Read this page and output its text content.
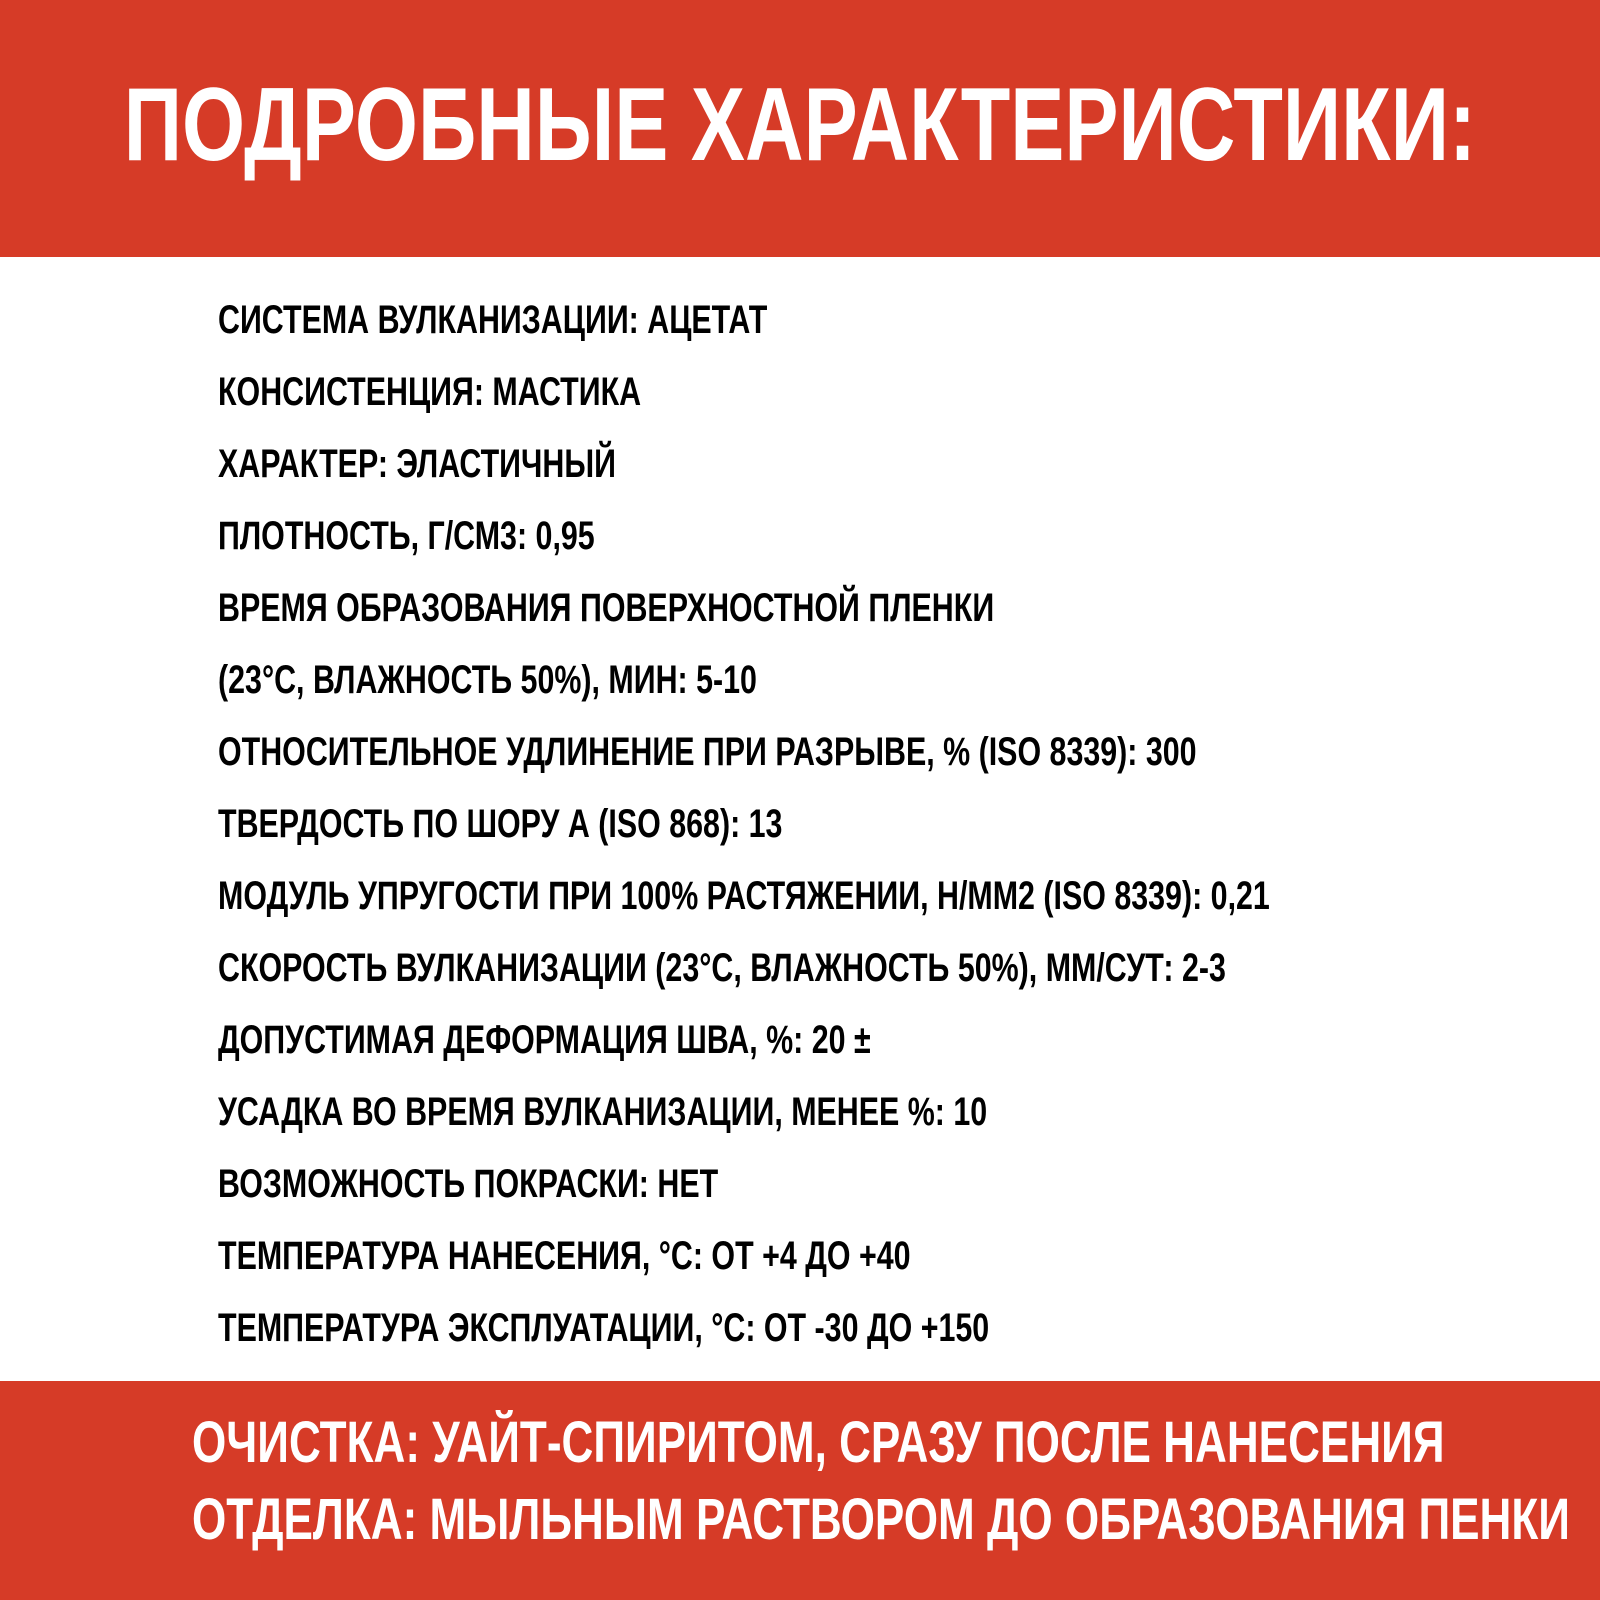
ПОДРОБНЫЕ ХАРАКТЕРИСТИКИ:
СИСТЕМА ВУЛКАНИЗАЦИИ: АЦЕТАТ
КОНСИСТЕНЦИЯ: МАСТИКА
ХАРАКТЕР: ЭЛАСТИЧНЫЙ
ПЛОТНОСТЬ, Г/СМ3: 0,95
ВРЕМЯ ОБРАЗОВАНИЯ ПОВЕРХНОСТНОЙ ПЛЕНКИ
(23°С, ВЛАЖНОСТЬ 50%), МИН: 5-10
ОТНОСИТЕЛЬНОЕ УДЛИНЕНИЕ ПРИ РАЗРЫВЕ, % (ISO 8339): 300
ТВЕРДОСТЬ ПО ШОРУ А (ISO 868): 13
МОДУЛЬ УПРУГОСТИ ПРИ 100% РАСТЯЖЕНИИ, Н/ММ2 (ISO 8339): 0,21
СКОРОСТЬ ВУЛКАНИЗАЦИИ (23°С, ВЛАЖНОСТЬ 50%), ММ/СУТ: 2-3
ДОПУСТИМАЯ ДЕФОРМАЦИЯ ШВА, %: 20 ±
УСАДКА ВО ВРЕМЯ ВУЛКАНИЗАЦИИ, МЕНЕЕ %: 10
ВОЗМОЖНОСТЬ ПОКРАСКИ: НЕТ
ТЕМПЕРАТУРА НАНЕСЕНИЯ, °С: ОТ +4 ДО +40
ТЕМПЕРАТУРА ЭКСПЛУАТАЦИИ, °С: ОТ -30 ДО +150
ОЧИСТКА: УАЙТ-СПИРИТОМ, СРАЗУ ПОСЛЕ НАНЕСЕНИЯ
ОТДЕЛКА: МЫЛЬНЫМ РАСТВОРОМ ДО ОБРАЗОВАНИЯ ПЕНКИ
